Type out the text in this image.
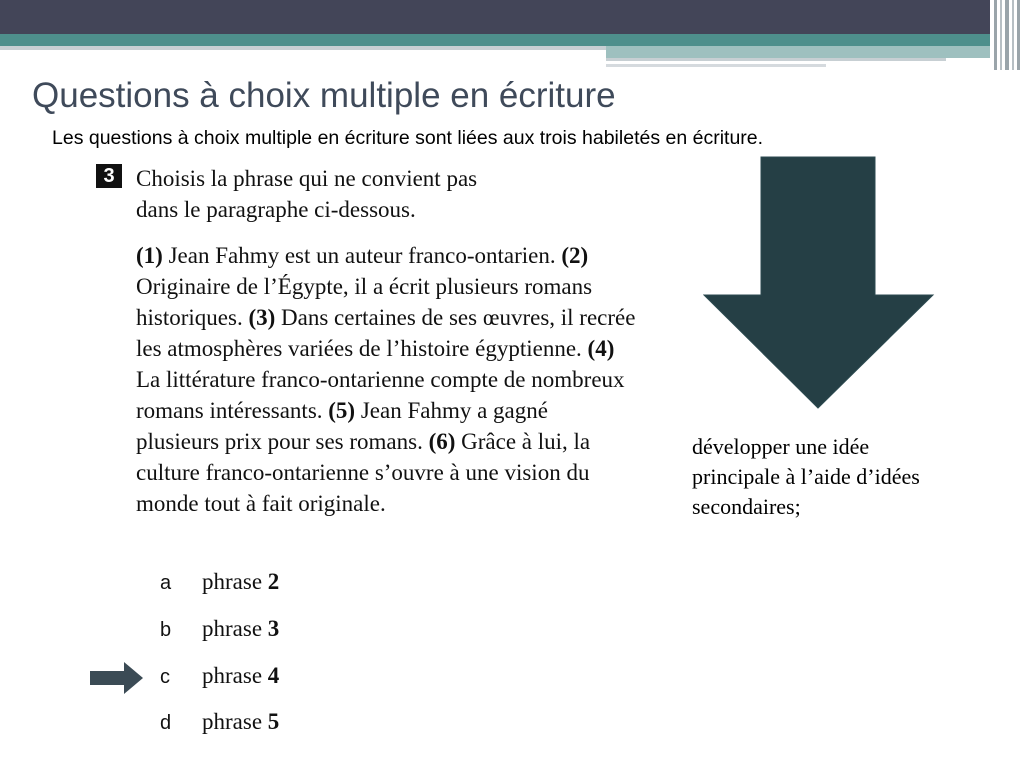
Questions à choix multiple en écriture

Les questions à choix multiple en écriture sont liées aux trois habiletés en écriture.

3 Choisis la phrase qui ne convient pas
dans le paragraphe ci-dessous.
(1) Jean Fahmy est un auteur franco-ontarien. (2) Originaire de l’Égypte, il a écrit plusieurs romans historiques. (3) Dans certaines de ses œuvres, il recrée les atmosphères variées de l’histoire égyptienne. (4) La littérature franco-ontarienne compte de nombreux romans intéressants. (5) Jean Fahmy a gagné plusieurs prix pour ses romans. (6) Grâce à lui, la culture franco-ontarienne s’ouvre à une vision du monde tout à fait originale.
a phrase 2
b phrase 3
c phrase 4
d phrase 5
développer une idée principale à l’aide d’idées secondaires;
